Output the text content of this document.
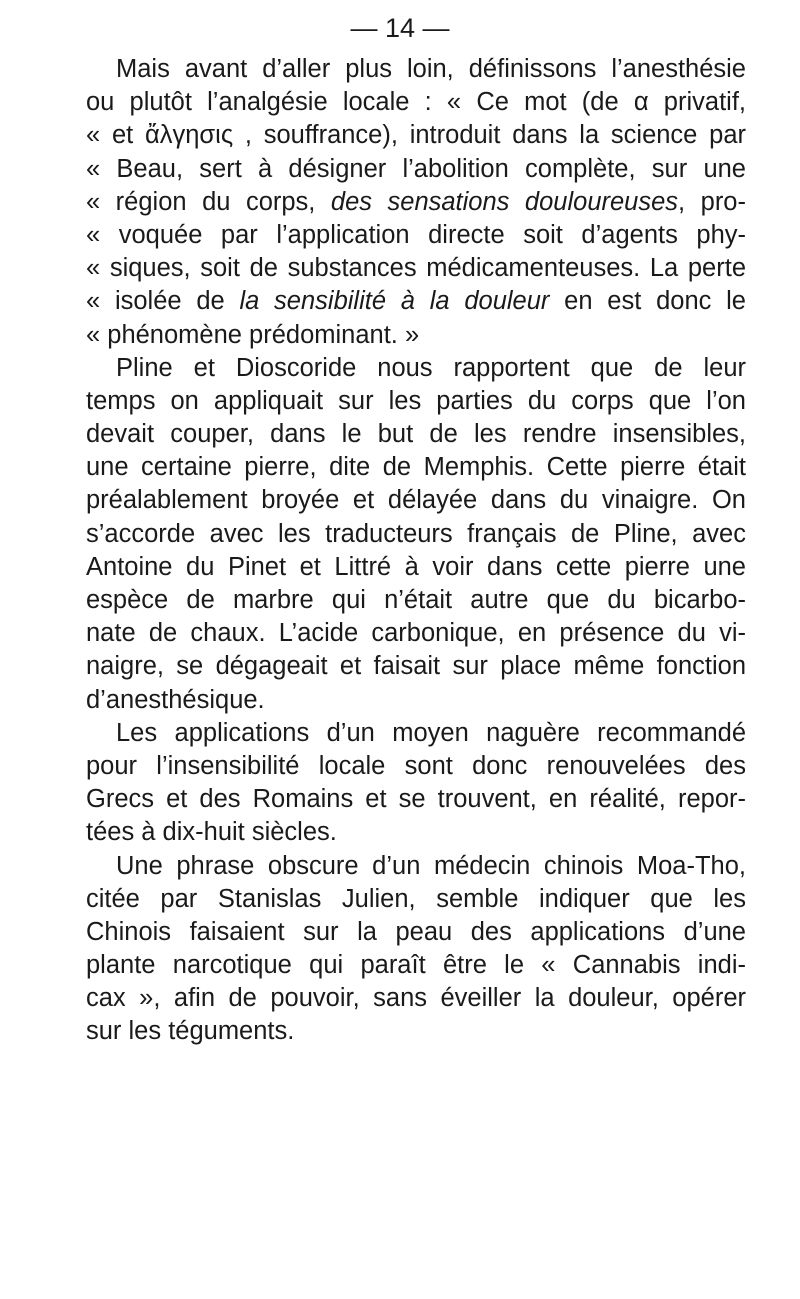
— 14 —
Mais avant d’aller plus loin, définissons l’anesthésie
ou plutôt l’analgésie locale : « Ce mot (de α privatif,
« et ἄλγησις , souffrance), introduit dans la science par
« Beau, sert à désigner l’abolition complète, sur une
« région du corps, des sensations douloureuses, pro-
« voquée par l’application directe soit d’agents phy-
« siques, soit de substances médicamenteuses. La perte
« isolée de la sensibilité à la douleur en est donc le
« phénomène prédominant. »
Pline et Dioscoride nous rapportent que de leur
temps on appliquait sur les parties du corps que l’on
devait couper, dans le but de les rendre insensibles,
une certaine pierre, dite de Memphis. Cette pierre était
préalablement broyée et délayée dans du vinaigre. On
s’accorde avec les traducteurs français de Pline, avec
Antoine du Pinet et Littré à voir dans cette pierre une
espèce de marbre qui n’était autre que du bicarbo-
nate de chaux. L’acide carbonique, en présence du vi-
naigre, se dégageait et faisait sur place même fonction
d’anesthésique.
Les applications d’un moyen naguère recommandé
pour l’insensibilité locale sont donc renouvelées des
Grecs et des Romains et se trouvent, en réalité, repor-
tées à dix-huit siècles.
Une phrase obscure d’un médecin chinois Moa-Tho,
citée par Stanislas Julien, semble indiquer que les
Chinois faisaient sur la peau des applications d’une
plante narcotique qui paraît être le « Cannabis indi-
cax », afin de pouvoir, sans éveiller la douleur, opérer
sur les téguments.
